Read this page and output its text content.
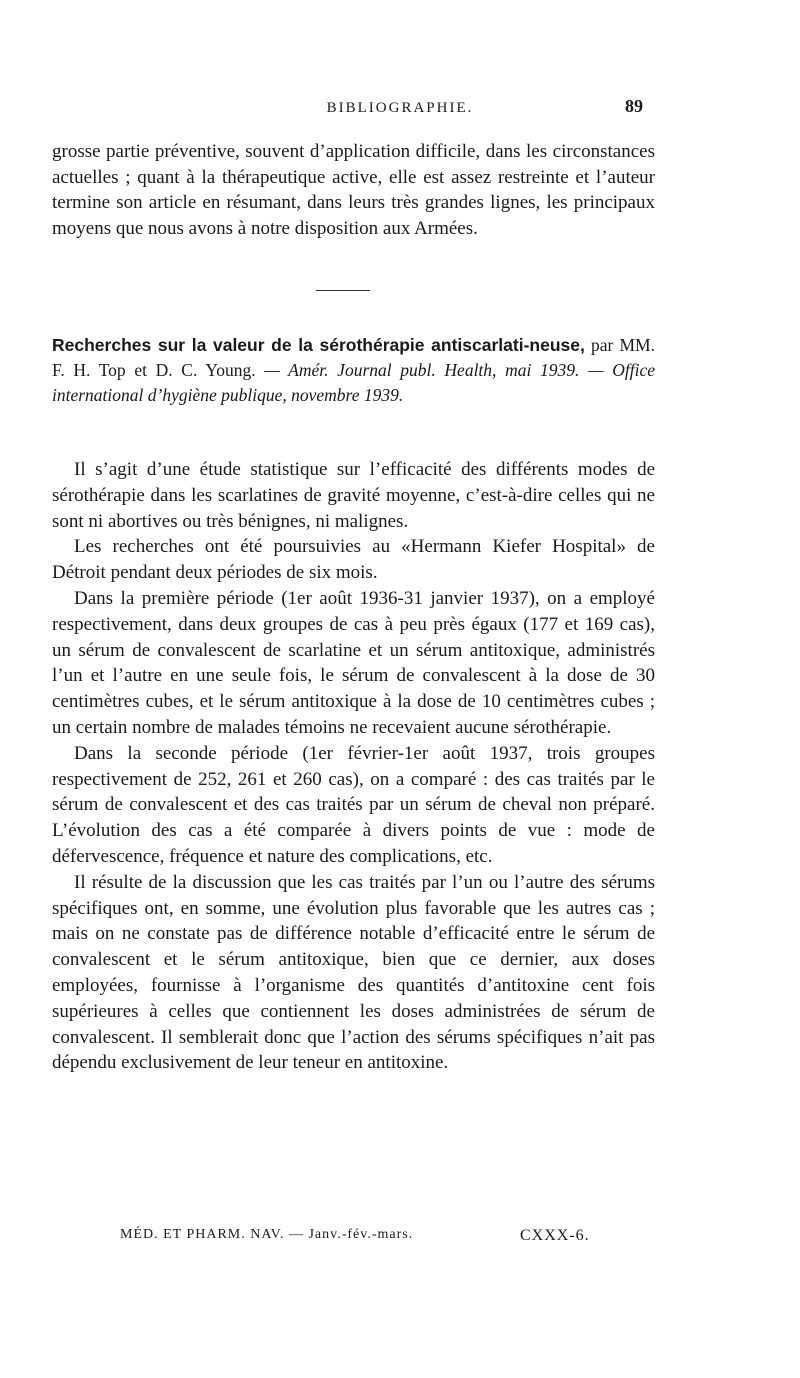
BIBLIOGRAPHIE.	89
grosse partie préventive, souvent d’application difficile, dans les circonstances actuelles ; quant à la thérapeutique active, elle est assez restreinte et l’auteur termine son article en résumant, dans leurs très grandes lignes, les principaux moyens que nous avons à notre disposition aux Armées.
Recherches sur la valeur de la sérothérapie antiscarlati-neuse, par MM. F. H. Top et D. C. Young. — Amér. Journal publ. Health, mai 1939. — Office international d’hygiène publique, novembre 1939.

Il s’agit d’une étude statistique sur l’efficacité des différents modes de sérothérapie dans les scarlatines de gravité moyenne, c’est-à-dire celles qui ne sont ni abortives ou très bénignes, ni malignes.

Les recherches ont été poursuivies au «Hermann Kiefer Hospital» de Détroit pendant deux périodes de six mois.

Dans la première période (1er août 1936-31 janvier 1937), on a employé respectivement, dans deux groupes de cas à peu près égaux (177 et 169 cas), un sérum de convalescent de scarlatine et un sérum antitoxique, administrés l’un et l’autre en une seule fois, le sérum de convalescent à la dose de 30 centimètres cubes, et le sérum antitoxique à la dose de 10 centimètres cubes ; un certain nombre de malades témoins ne recevaient aucune sérothérapie.

Dans la seconde période (1er février-1er août 1937, trois groupes respectivement de 252, 261 et 260 cas), on a comparé : des cas traités par le sérum de convalescent et des cas traités par un sérum de cheval non préparé. L’évolution des cas a été comparée à divers points de vue : mode de défervescence, fréquence et nature des complications, etc.

Il résulte de la discussion que les cas traités par l’un ou l’autre des sérums spécifiques ont, en somme, une évolution plus favorable que les autres cas ; mais on ne constate pas de différence notable d’efficacité entre le sérum de convalescent et le sérum antitoxique, bien que ce dernier, aux doses employées, fournisse à l’organisme des quantités d’antitoxine cent fois supérieures à celles que contiennent les doses administrées de sérum de convalescent. Il semblerait donc que l’action des sérums spécifiques n’ait pas dépendu exclusivement de leur teneur en antitoxine.

MÉD. ET PHARM. NAV. — Janv.-fév.-mars.	CXXX-6.
